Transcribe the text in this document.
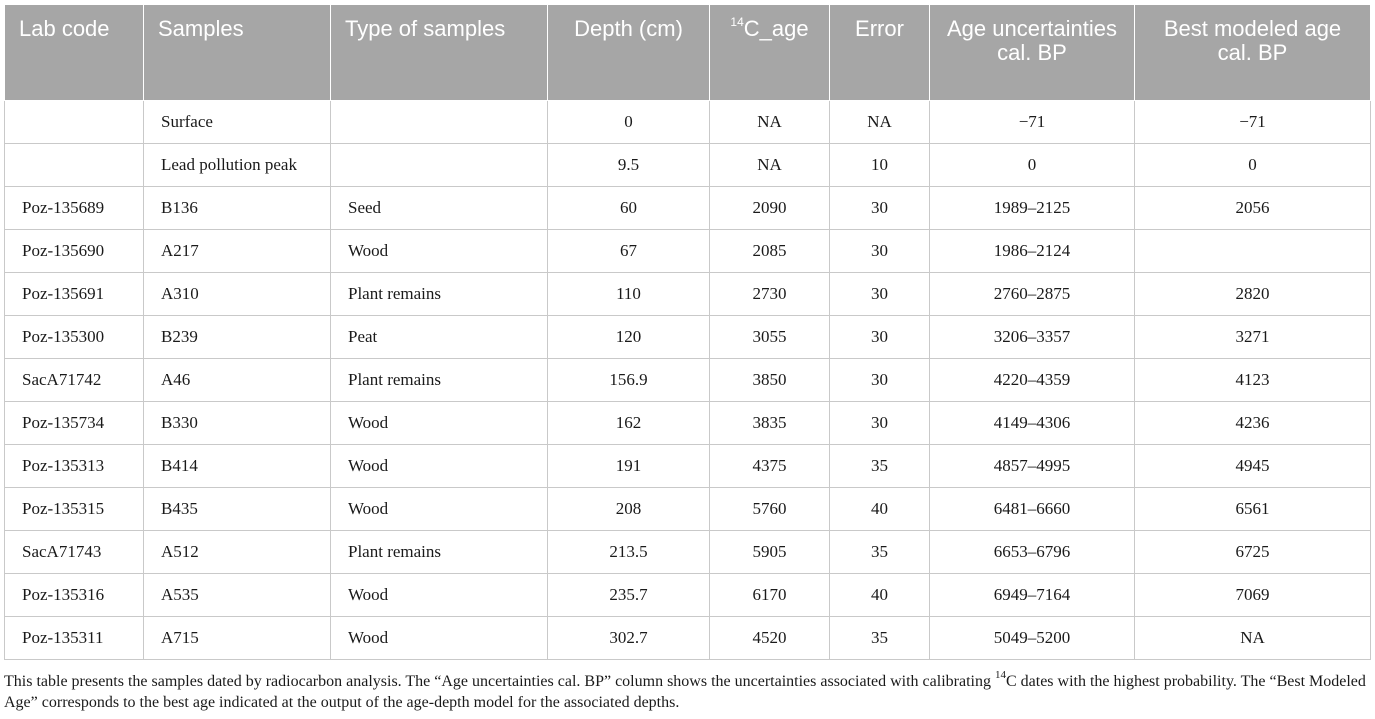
Lab code	Samples	Type of samples	Depth (cm)	$^{14}$C_age	Error	Age uncertainties cal. BP	Best modeled age cal. BP
	Surface		0	NA	NA	−71	−71
	Lead pollution peak		9.5	NA	10	0	0
Poz-135689	B136	Seed	60	2090	30	1989–2125	2056
Poz-135690	A217	Wood	67	2085	30	1986–2124	
Poz-135691	A310	Plant remains	110	2730	30	2760–2875	2820
Poz-135300	B239	Peat	120	3055	30	3206–3357	3271
SacA71742	A46	Plant remains	156.9	3850	30	4220–4359	4123
Poz-135734	B330	Wood	162	3835	30	4149–4306	4236
Poz-135313	B414	Wood	191	4375	35	4857–4995	4945
Poz-135315	B435	Wood	208	5760	40	6481–6660	6561
SacA71743	A512	Plant remains	213.5	5905	35	6653–6796	6725
Poz-135316	A535	Wood	235.7	6170	40	6949–7164	7069
Poz-135311	A715	Wood	302.7	4520	35	5049–5200	NA
This table presents the samples dated by radiocarbon analysis. The “Age uncertainties cal. BP” column shows the uncertainties associated with calibrating $^{14}$C dates with the highest probability. The “Best Modeled Age” corresponds to the best age indicated at the output of the age-depth model for the associated depths.
